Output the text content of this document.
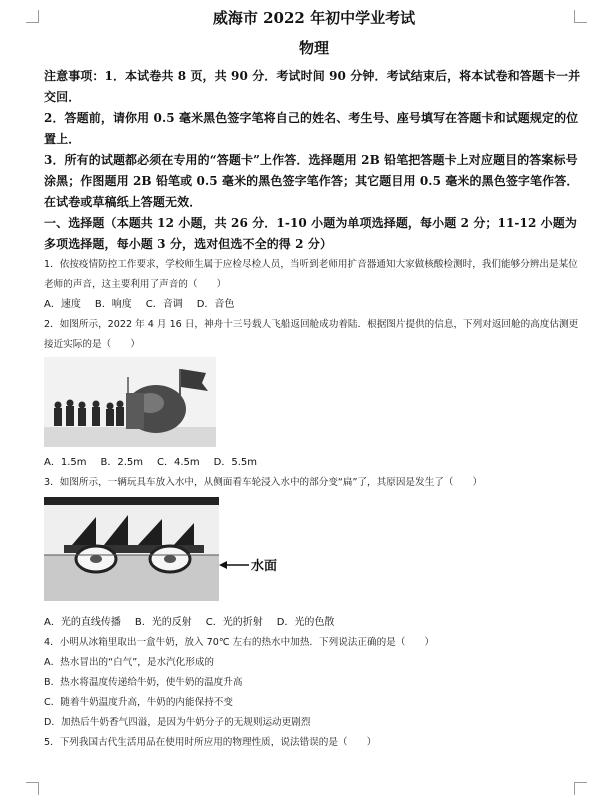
威海市 2022 年初中学业考试
物理

注意事项：1．本试卷共 8 页，共 90 分．考试时间 90 分钟．考试结束后，将本试卷和答题卡一并交回．

2．答题前，请你用 0.5 毫米黑色签字笔将自己的姓名、考生号、座号填写在答题卡和试题规定的位置上．

3．所有的试题都必须在专用的“答题卡”上作答．选择题用 2B 铅笔把答题卡上对应题目的答案标号涂黑；作图题用 2B 铅笔或 0.5 毫米的黑色签字笔作答；其它题目用 0.5 毫米的黑色签字笔作答．在试卷或草稿纸上答题无效．

一、选择题（本题共 12 小题，共 26 分．1-10 小题为单项选择题，每小题 2 分；11-12 小题为多项选择题，每小题 3 分，选对但选不全的得 2 分）

1．依按疫情防控工作要求，学校师生属于应检尽检人员，当听到老师用扩音器通知大家做核酸检测时，我们能够分辨出是某位老师的声音，这主要利用了声音的（　　）

A．速度 B．响度 C．音调 D．音色

2．如图所示，2022 年 4 月 16 日，神舟十三号载人飞船返回舱成功着陆．根据图片提供的信息，下列对返回舱的高度估测更接近实际的是（　　）

A．1.5m B．2.5m C．4.5m D．5.5m

3．如图所示，一辆玩具车放入水中，从侧面看车轮浸入水中的部分变“扁”了，其原因是发生了（　　）

水面
A．光的直线传播 B．光的反射 C．光的折射 D．光的色散

4．小明从冰箱里取出一盒牛奶，放入 70℃ 左右的热水中加热．下列说法正确的是（　　）

A．热水冒出的“白气”，是水汽化形成的

B．热水将温度传递给牛奶，使牛奶的温度升高

C．随着牛奶温度升高，牛奶的内能保持不变

D．加热后牛奶香气四溢，是因为牛奶分子的无规则运动更剧烈

5．下列我国古代生活用品在使用时所应用的物理性质，说法错误的是（　　）
